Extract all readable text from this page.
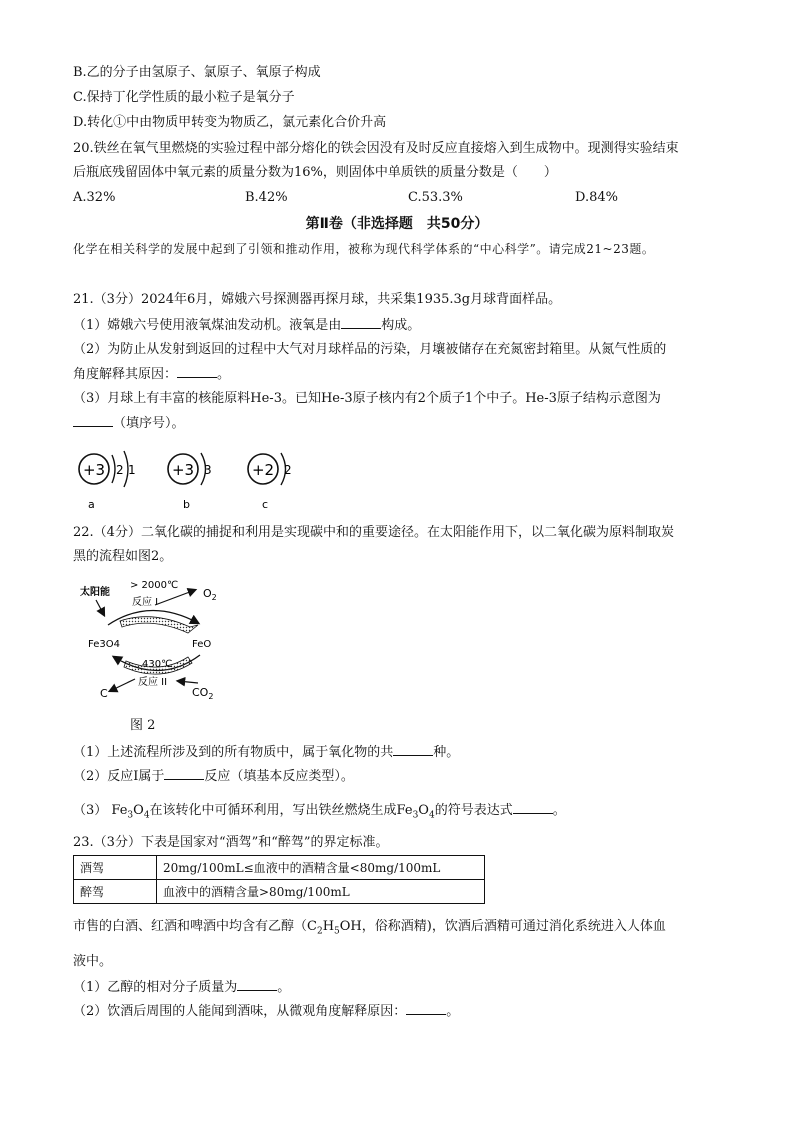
B.乙的分子由氢原子、氯原子、氧原子构成
C.保持丁化学性质的最小粒子是氧分子
D.转化①中由物质甲转变为物质乙，氯元素化合价升高
20.铁丝在氧气里燃烧的实验过程中部分熔化的铁会因没有及时反应直接熔入到生成物中。现测得实验结束
后瓶底残留固体中氧元素的质量分数为16%，则固体中单质铁的质量分数是（　　）
A.32%	B.42%	C.53.3%	D.84%
第Ⅱ卷（非选择题　共50分）
化学在相关科学的发展中起到了引领和推动作用，被称为现代科学体系的“中心科学”。请完成21~23题。
21.（3分）2024年6月，嫦娥六号探测器再探月球，共采集1935.3g月球背面样品。
（1）嫦娥六号使用液氧煤油发动机。液氧是由	构成。
（2）为防止从发射到返回的过程中大气对月球样品的污染，月壤被储存在充氮密封箱里。从氮气性质的
角度解释其原因：	。
（3）月球上有丰富的核能原料He-3。已知He-3原子核内有2个质子1个中子。He-3原子结构示意图为
（填序号）。
+3 2 1
a
+3 3
b
+2 2
c
22.（4分）二氧化碳的捕捉和利用是实现碳中和的重要途径。在太阳能作用下，以二氧化碳为原料制取炭
黑的流程如图2。
太阳能
> 2000℃
反应 I
$O_2$
Fe3O4	FeO
430℃
反应 II
C	$CO_2$
图 2
（1）上述流程所涉及到的所有物质中，属于氧化物的共	种。
（2）反应I属于	反应（填基本反应类型）。
（3） $Fe_3O_4$在该转化中可循环利用，写出铁丝燃烧生成$Fe_3O_4$的符号表达式	。
23.（3分）下表是国家对“酒驾”和“醉驾”的界定标准。
酒驾	20mg/100mL≤血液中的酒精含量<80mg/100mL
醉驾	血液中的酒精含量>80mg/100mL
市售的白酒、红酒和啤酒中均含有乙醇（$C_2H_5OH$，俗称酒精)，饮酒后酒精可通过消化系统进入人体血
液中。
（1）乙醇的相对分子质量为	。
（2）饮酒后周围的人能闻到酒味，从微观角度解释原因：	。
